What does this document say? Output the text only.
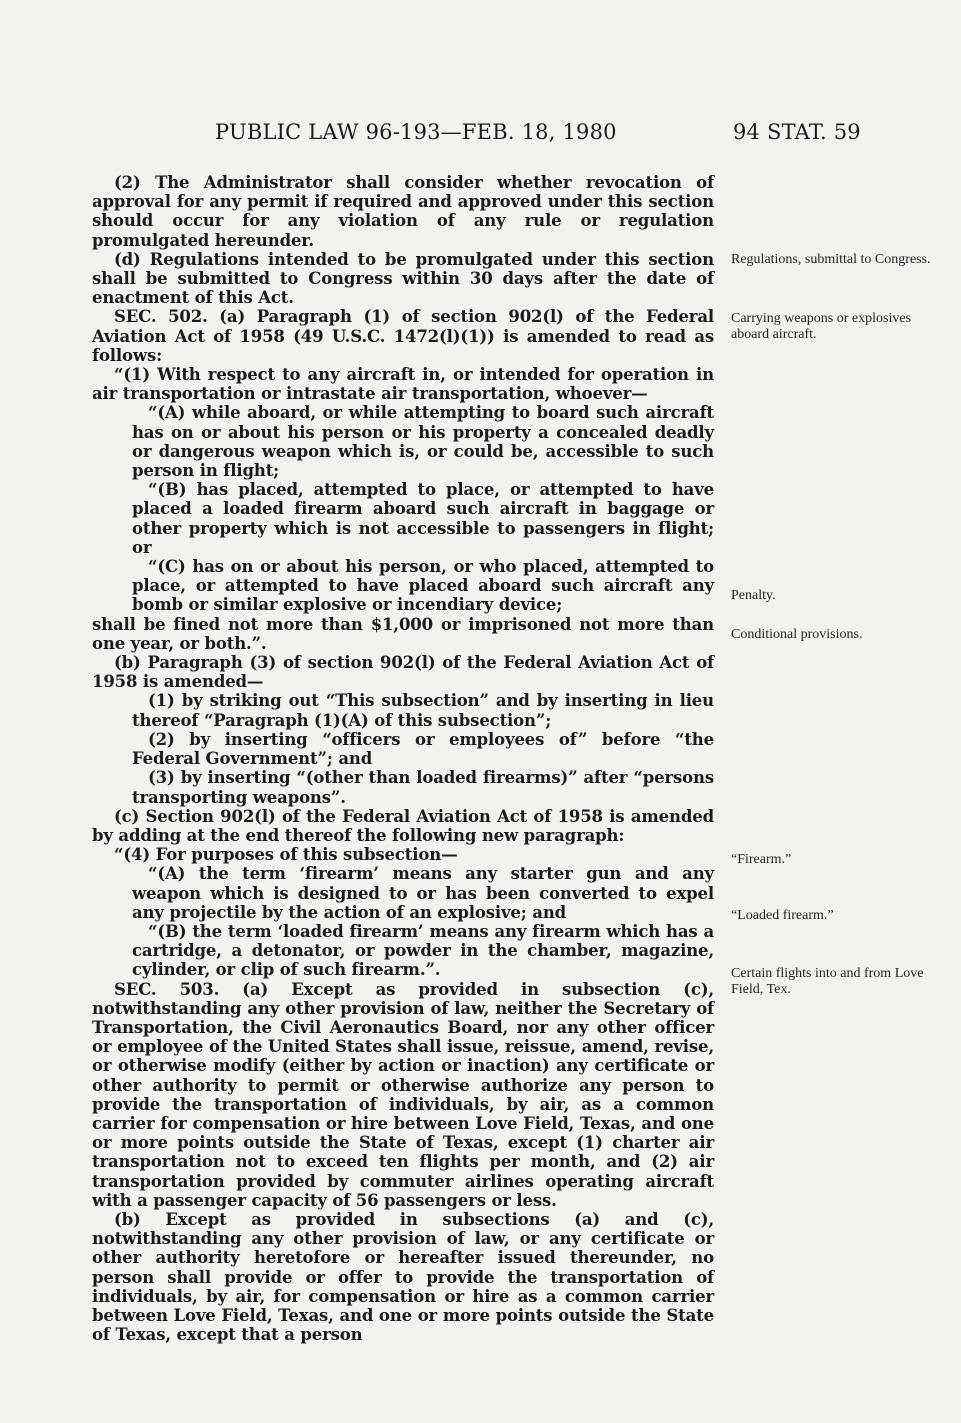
PUBLIC LAW 96-193—FEB. 18, 1980	94 STAT. 59

(2) The Administrator shall consider whether revocation of approval for any permit if required and approved under this section should occur for any violation of any rule or regulation promulgated hereunder.

(d) Regulations intended to be promulgated under this section shall be submitted to Congress within 30 days after the date of enactment of this Act.

SEC. 502. (a) Paragraph (1) of section 902(l) of the Federal Aviation Act of 1958 (49 U.S.C. 1472(l)(1)) is amended to read as follows:

“(1) With respect to any aircraft in, or intended for operation in air transportation or intrastate air transportation, whoever—

“(A) while aboard, or while attempting to board such aircraft has on or about his person or his property a concealed deadly or dangerous weapon which is, or could be, accessible to such person in flight;

“(B) has placed, attempted to place, or attempted to have placed a loaded firearm aboard such aircraft in baggage or other property which is not accessible to passengers in flight; or

“(C) has on or about his person, or who placed, attempted to place, or attempted to have placed aboard such aircraft any bomb or similar explosive or incendiary device;

shall be fined not more than $1,000 or imprisoned not more than one year, or both.”.

(b) Paragraph (3) of section 902(l) of the Federal Aviation Act of 1958 is amended—

(1) by striking out “This subsection” and by inserting in lieu thereof “Paragraph (1)(A) of this subsection”;

(2) by inserting “officers or employees of” before “the Federal Government”; and

(3) by inserting “(other than loaded firearms)” after “persons transporting weapons”.

(c) Section 902(l) of the Federal Aviation Act of 1958 is amended by adding at the end thereof the following new paragraph:

“(4) For purposes of this subsection—

“(A) the term ‘firearm’ means any starter gun and any weapon which is designed to or has been converted to expel any projectile by the action of an explosive; and

“(B) the term ‘loaded firearm’ means any firearm which has a cartridge, a detonator, or powder in the chamber, magazine, cylinder, or clip of such firearm.”.

SEC. 503. (a) Except as provided in subsection (c), notwithstanding any other provision of law, neither the Secretary of Transportation, the Civil Aeronautics Board, nor any other officer or employee of the United States shall issue, reissue, amend, revise, or otherwise modify (either by action or inaction) any certificate or other authority to permit or otherwise authorize any person to provide the transportation of individuals, by air, as a common carrier for compensation or hire between Love Field, Texas, and one or more points outside the State of Texas, except (1) charter air transportation not to exceed ten flights per month, and (2) air transportation provided by commuter airlines operating aircraft with a passenger capacity of 56 passengers or less.

(b) Except as provided in subsections (a) and (c), notwithstanding any other provision of law, or any certificate or other authority heretofore or hereafter issued thereunder, no person shall provide or offer to provide the transportation of individuals, by air, for compensation or hire as a common carrier between Love Field, Texas, and one or more points outside the State of Texas, except that a person

Regulations, submittal to Congress.
Carrying weapons or explosives aboard aircraft.
Penalty.
Conditional provisions.
“Firearm.”
“Loaded firearm.”
Certain flights into and from Love Field, Tex.
